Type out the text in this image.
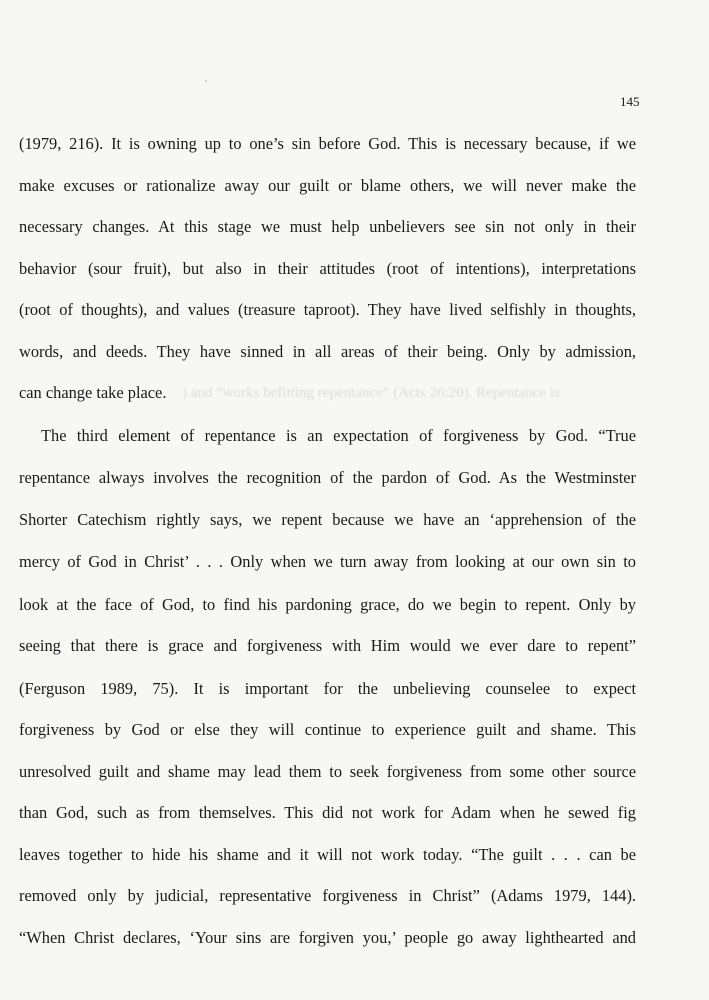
145
) and “works befitting repentance” (Acts 26:20). Repentance is
(1979, 216). It is owning up to one’s sin before God. This is necessary because, if we
make excuses or rationalize away our guilt or blame others, we will never make the
necessary changes. At this stage we must help unbelievers see sin not only in their
behavior (sour fruit), but also in their attitudes (root of intentions), interpretations
(root of thoughts), and values (treasure taproot). They have lived selfishly in thoughts,
words, and deeds. They have sinned in all areas of their being. Only by admission,
can change take place.
The third element of repentance is an expectation of forgiveness by God. “True
repentance always involves the recognition of the pardon of God. As the Westminster
Shorter Catechism rightly says, we repent because we have an ‘apprehension of the
mercy of God in Christ’ . . . Only when we turn away from looking at our own sin to
look at the face of God, to find his pardoning grace, do we begin to repent. Only by
seeing that there is grace and forgiveness with Him would we ever dare to repent”
(Ferguson 1989, 75). It is important for the unbelieving counselee to expect
forgiveness by God or else they will continue to experience guilt and shame. This
unresolved guilt and shame may lead them to seek forgiveness from some other source
than God, such as from themselves. This did not work for Adam when he sewed fig
leaves together to hide his shame and it will not work today. “The guilt . . . can be
removed only by judicial, representative forgiveness in Christ” (Adams 1979, 144).
“When Christ declares, ‘Your sins are forgiven you,’ people go away lighthearted and
